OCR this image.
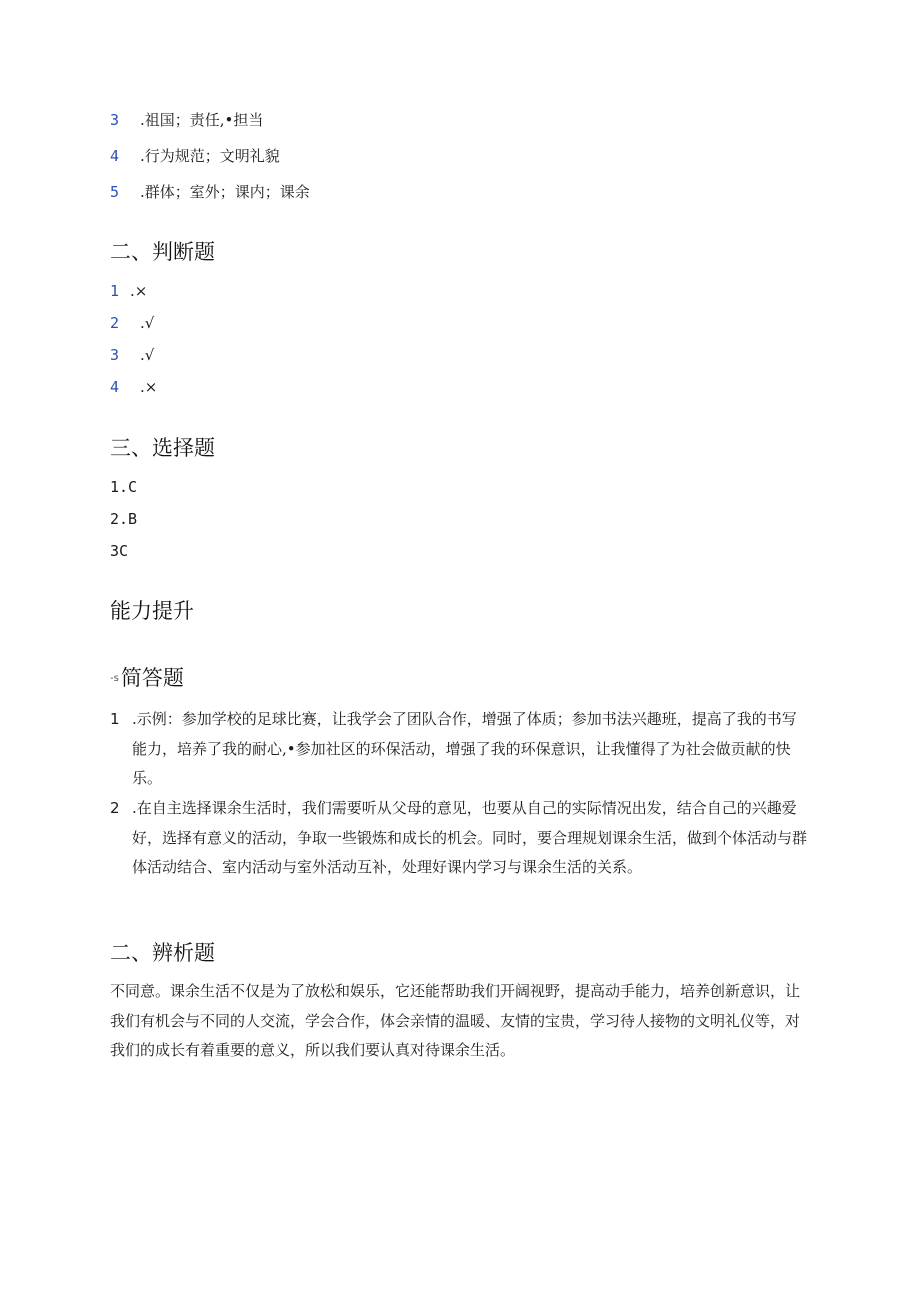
3 .祖国；责任,•担当
4 .行为规范；文明礼貌
5 .群体；室外；课内；课余
二、判断题
1 .×
2 .√
3 .√
4 .×
三、选择题
1.C
2.B
3C
能力提升
-s简答题
1 .示例：参加学校的足球比赛，让我学会了团队合作，增强了体质；参加书法兴趣班，提高了我的书写能力，培养了我的耐心,•参加社区的环保活动，增强了我的环保意识，让我懂得了为社会做贡献的快乐。
2 .在自主选择课余生活时，我们需要听从父母的意见，也要从自己的实际情况出发，结合自己的兴趣爱好，选择有意义的活动，争取一些锻炼和成长的机会。同时，要合理规划课余生活，做到个体活动与群体活动结合、室内活动与室外活动互补，处理好课内学习与课余生活的关系。
二、辨析题
不同意。课余生活不仅是为了放松和娱乐，它还能帮助我们开阔视野，提高动手能力，培养创新意识，让我们有机会与不同的人交流，学会合作，体会亲情的温暖、友情的宝贵，学习待人接物的文明礼仪等，对我们的成长有着重要的意义，所以我们要认真对待课余生活。
